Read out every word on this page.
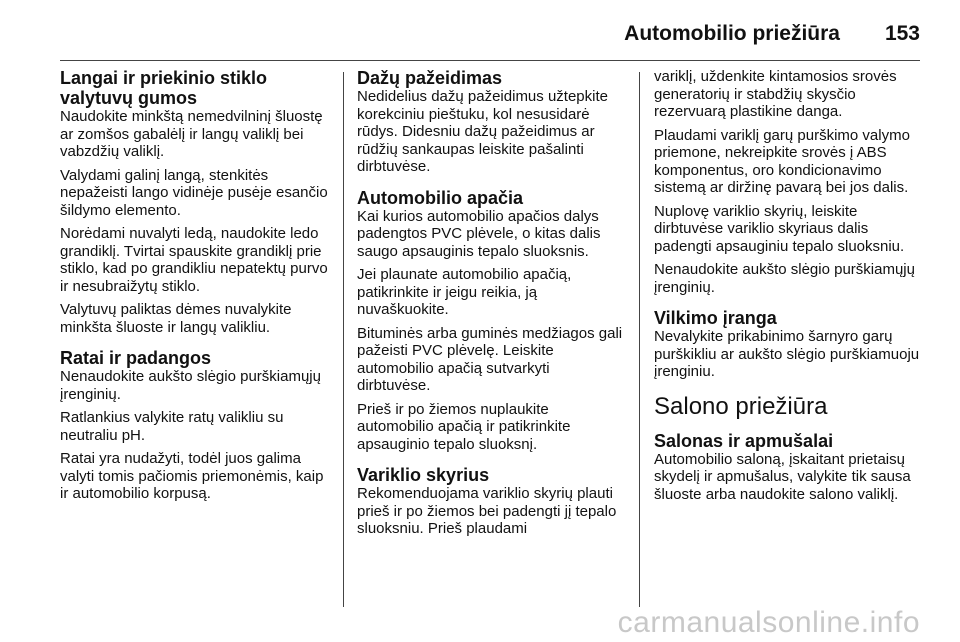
Automobilio priežiūra 153
Langai ir priekinio stiklo valytuvų gumos

Naudokite minkštą nemedvilninį šluostę ar zomšos gabalėlį ir langų valiklį bei vabzdžių valiklį.

Valydami galinį langą, stenkitės nepažeisti lango vidinėje pusėje esančio šildymo elemento.

Norėdami nuvalyti ledą, naudokite ledo grandiklį. Tvirtai spauskite grandiklį prie stiklo, kad po grandikliu nepatektų purvo ir nesubraižytų stiklo.

Valytuvų paliktas dėmes nuvalykite minkšta šluoste ir langų valikliu.

Ratai ir padangos

Nenaudokite aukšto slėgio purškiamųjų įrenginių.

Ratlankius valykite ratų valikliu su neutraliu pH.

Ratai yra nudažyti, todėl juos galima valyti tomis pačiomis priemonėmis, kaip ir automobilio korpusą.

Dažų pažeidimas

Nedidelius dažų pažeidimus užtepkite korekciniu pieštuku, kol nesusidarė rūdys. Didesniu dažų pažeidimus ar rūdžių sankaupas leiskite pašalinti dirbtuvėse.

Automobilio apačia

Kai kurios automobilio apačios dalys padengtos PVC plėvele, o kitas dalis saugo apsauginis tepalo sluoksnis.

Jei plaunate automobilio apačią, patikrinkite ir jeigu reikia, ją nuvaškuokite.

Bituminės arba guminės medžiagos gali pažeisti PVC plėvelę. Leiskite automobilio apačią sutvarkyti dirbtuvėse.

Prieš ir po žiemos nuplaukite automobilio apačią ir patikrinkite apsauginio tepalo sluoksnį.

Variklio skyrius

Rekomenduojama variklio skyrių plauti prieš ir po žiemos bei padengti jį tepalo sluoksniu. Prieš plaudami

variklį, uždenkite kintamosios srovės generatorių ir stabdžių skysčio rezervuarą plastikine danga.

Plaudami variklį garų purškimo valymo priemone, nekreipkite srovės į ABS komponentus, oro kondicionavimo sistemą ar diržinę pavarą bei jos dalis.

Nuplovę variklio skyrių, leiskite dirbtuvėse variklio skyriaus dalis padengti apsauginiu tepalo sluoksniu.

Nenaudokite aukšto slėgio purškiamųjų įrenginių.

Vilkimo įranga

Nevalykite prikabinimo šarnyro garų purškikliu ar aukšto slėgio purškiamuoju įrenginiu.

Salono priežiūra
Salonas ir apmušalai

Automobilio saloną, įskaitant prietaisų skydelį ir apmušalus, valykite tik sausa šluoste arba naudokite salono valiklį.

carmanualsonline.info
